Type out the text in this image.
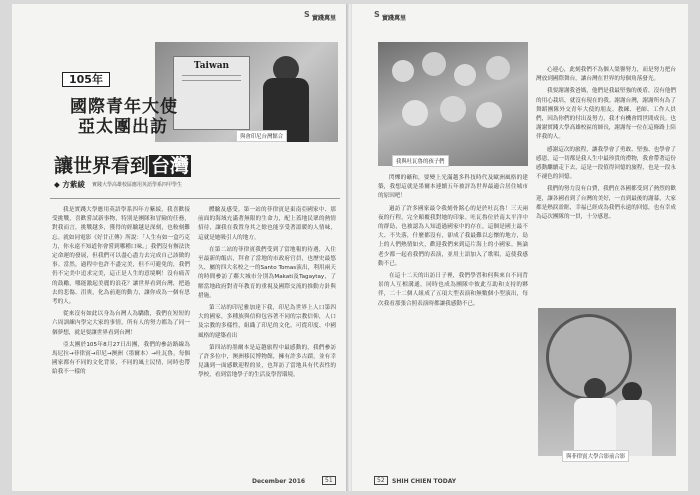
S 實踐萬里
Taiwan
與會印尼台灣館合
105年
國際青年大使
亞太團出訪
讓世界看到 台灣
◆ 方紫綾 實踐大學高雄校區應用英語學系四甲學生

我是實踐大學應用英語學系四年方紫綾，我喜歡接受挑戰，喜歡嘗試新事物，特別是團隊和冒險的任務，對我而言，挑戰越多，獲得的經驗越是深刻，也較刻難忘。就如同電影《好甘正傳》所說：「人生有如一盒巧克力，你永遠不知道你會嘗到哪種口味。」我們沒有辦法決定命運的發展，但我們可以盡心盡力去完成自己該做的事。當然，過程中也許不盡完美，但不可避免的，我們仍不完美中追求完美，這正是人生的意境啊！沒有痛苦的鼓勵，哪能激起美麗的浪花？讓世界看到台灣，把過去的悲傷、沮喪，化為前進的動力，讓你成為一個有思考的人。

從來沒有如此以身為台灣人為驕傲，我們在短短的六周訓練內學完大家的事情，所有人的努力都為了同一個夢想，就是要讓世界看到台灣！

亞太團於105年8月27日出團，我們的參訪路線為馬尼拉→菲律賓→印尼→澳洲（墨爾本）→吐瓦魯，每個國家都有不同的文化背景，不同的風土民情，同時也帶給我不一樣的

體驗及感受。第一站的菲律賓是東南亞國家中、那前面的海域充滿著無限的生命力，配上蓋地民眾的熱情招待，讓我在我置身其之餘也能享受著溫暖的人情味，這就是她吸引人的地方。

在第二站的菲律賓我們受到了當地報的待遇，入住至最新的飯店，拜會了當地的市政府官員，也歷史最悠久、屬的四大名校之一的Santo Tomas演出，利用兩天的時間參訪了鄰大城市分別為Makati及Tagaytay，了解當地政府對青年教育的重視及國際交流的推動方針與措施。

第三站的印尼雅加達下我，印尼為世界上人口第四大的國家，多種族與信仰包容著不同的宗教信仰，人口及宗教的多樣性，組織了印尼的文化，可從印度、中國風格的建築看出

第四站的墨爾本是這趟旅程中最感動的，我們參訪了許多位中，澳洲移民博物館，擁有許多古蹟，並有幸見識到一面感歡迎程的景，也拜訪了當地具有代表性的學校，看到當地學子的生活及學習環境。

December 2016	51
S 實踐萬里
我與吐瓦魯的孩子們

閃爍的礦和，要變上光滿越多科技時代及歐洲風格的建築，我想這就是墨爾本連續五年被評為世界最適合居住城市的原因吧！

過訪了許多國家最令我刻骨銘心的是於吐瓦魯！三天兩夜的行程，完全顛覆我對她的印象。吐瓦魯位於南太平洋中的群島，也被認為人知道過國家中的存在，這個是國土最不大、不失落，什麼都沒有，卻成了我最難以忘懷的地方，島上的人們熱情如火，歡迎我們來到這片海上的小國家。無論老少都一起看我們的表演，並用土語加入了歌唱，這使我感動不已。

在這十二天的出訪日子裡，我們學習和何與來自不同背景的人互相溝通，同時也成為團隊中彼此互助和支持的夥伴，二十二個人組成了五項大型表演和無數個小型演出，每次我看那張合照表演時都讓我感動不已。

心連心，此刻我們不為個人榮譽努力，而是努力把台灣放到國際舞台，讓台灣在世界的每個角落發光。

我要謝謝我爸媽，他們是我最堅強的後盾，沒有他們的用心栽培，就沒有現在的我。謝謝台灣，謝謝所有為了舞蹈團隊外交青年大使的朋友、教練、老師、工作人員們，因為你們的付出及努力，我才有機會問世間成長。也謝謝實踐大學高雄校區的師長，謝謝每一位在這條路上陪伴我的人。

感謝這次的旅程，讓我學會了勇敢、堅強、也學會了感恩，這一切都是我人生中最珍貴的禮物，我會帶著這份感動繼續走下去，這是一段值得回憶的旅程，也是一段永不褪色的回憶。

我們的努力沒有白費，我們在各國都受到了熱烈的歡迎，讓各國看到了台灣的美好，一直到最後的謝幕，大家都是熱淚盈眶，幸福已經成為我們永遠的回憶，也有幸成為這次團隊的一員，十分感恩。

與菲律賓大學合影前合影
52	SHIH CHIEN TODAY
